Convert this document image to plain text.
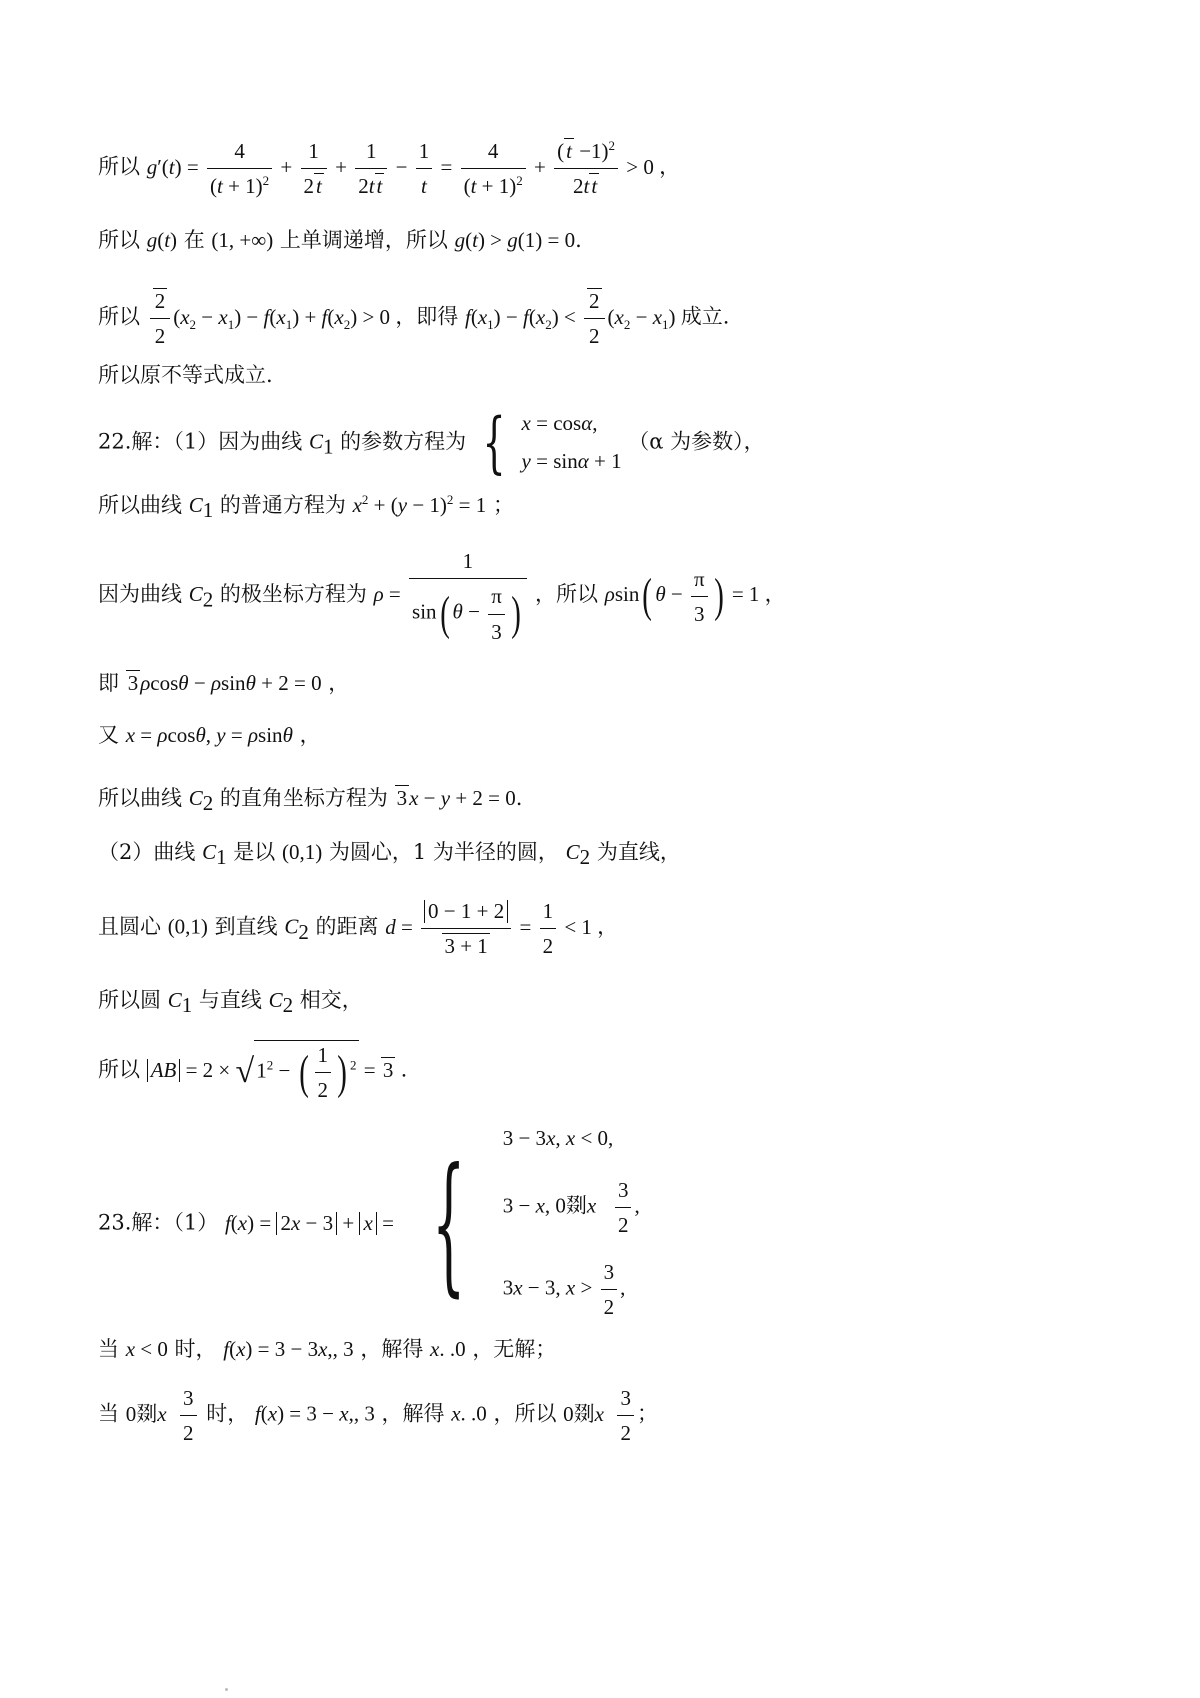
所以 $g'(t) = \frac{4}{(t + 1)^2} + \frac{1}{2t} + \frac{1}{2tt} - \frac{1}{t} = \frac{4}{(t + 1)^2} + \frac{(t -1)^2}{2tt} > 0$ ，
所以 g(t) 在 (1, +∞) 上单调递增，所以 g(t) > g(1) = 0.
所以 $\frac{2}{2} (x_2 - x_1) - f(x_1) + f(x_2) > 0$ ，即得 $f(x_1) - f(x_2) < \frac{2}{2} (x_2 - x_1)$ 成立.
所以原不等式成立.
22.解：（1）因为曲线 $C_1$ 的参数方程为 { x = cosα,
y = sinα + 1
（α 为参数），
所以曲线 $C_1$ 的普通方程为 $x^2 + (y - 1)^2 = 1$ ；
因为曲线 $C_2$ 的极坐标方程为 $\rho = \frac{1}{\sin( \theta - \frac{\pi}{3} )}$ ，所以 ρsin( $\theta - \frac{\pi}{3}$ ) = 1 ，
即 3ρcosθ − ρsinθ + 2 = 0 ，
又 x = ρcosθ, y = ρsinθ ，
所以曲线 $C_2$ 的直角坐标方程为 3x − y + 2 = 0.
（2）曲线 $C_1$ 是以 (0,1) 为圆心，1 为半径的圆， $C_2$ 为直线，
且圆心 (0,1) 到直线 $C_2$ 的距离 $d = \frac{0 - 1 + 2}{3 + 1} = \frac{1}{2} < 1$ ，
所以圆 $C_1$ 与直线 $C_2$ 相交，
所以 AB = $2 \times √1^2$ − ( $\frac{1}{2}$ ) $^2$ = 3 .
23.解：（1） f(x) = 2x − 3 + x = { 3 − 3x, x < 0,
3 − x, 0剟x $\frac{3}{2}$ ,
3x − 3, $x > \frac{3}{2}$ ,
当 x < 0 时， f(x) = 3 − 3x,, 3 ，解得 x. .0 ，无解；
当 0剟x $\frac{3}{2}$ 时， f(x) = 3 − x,, 3 ，解得 x. .0 ，所以 0剟x $\frac{3}{2}$ ；
